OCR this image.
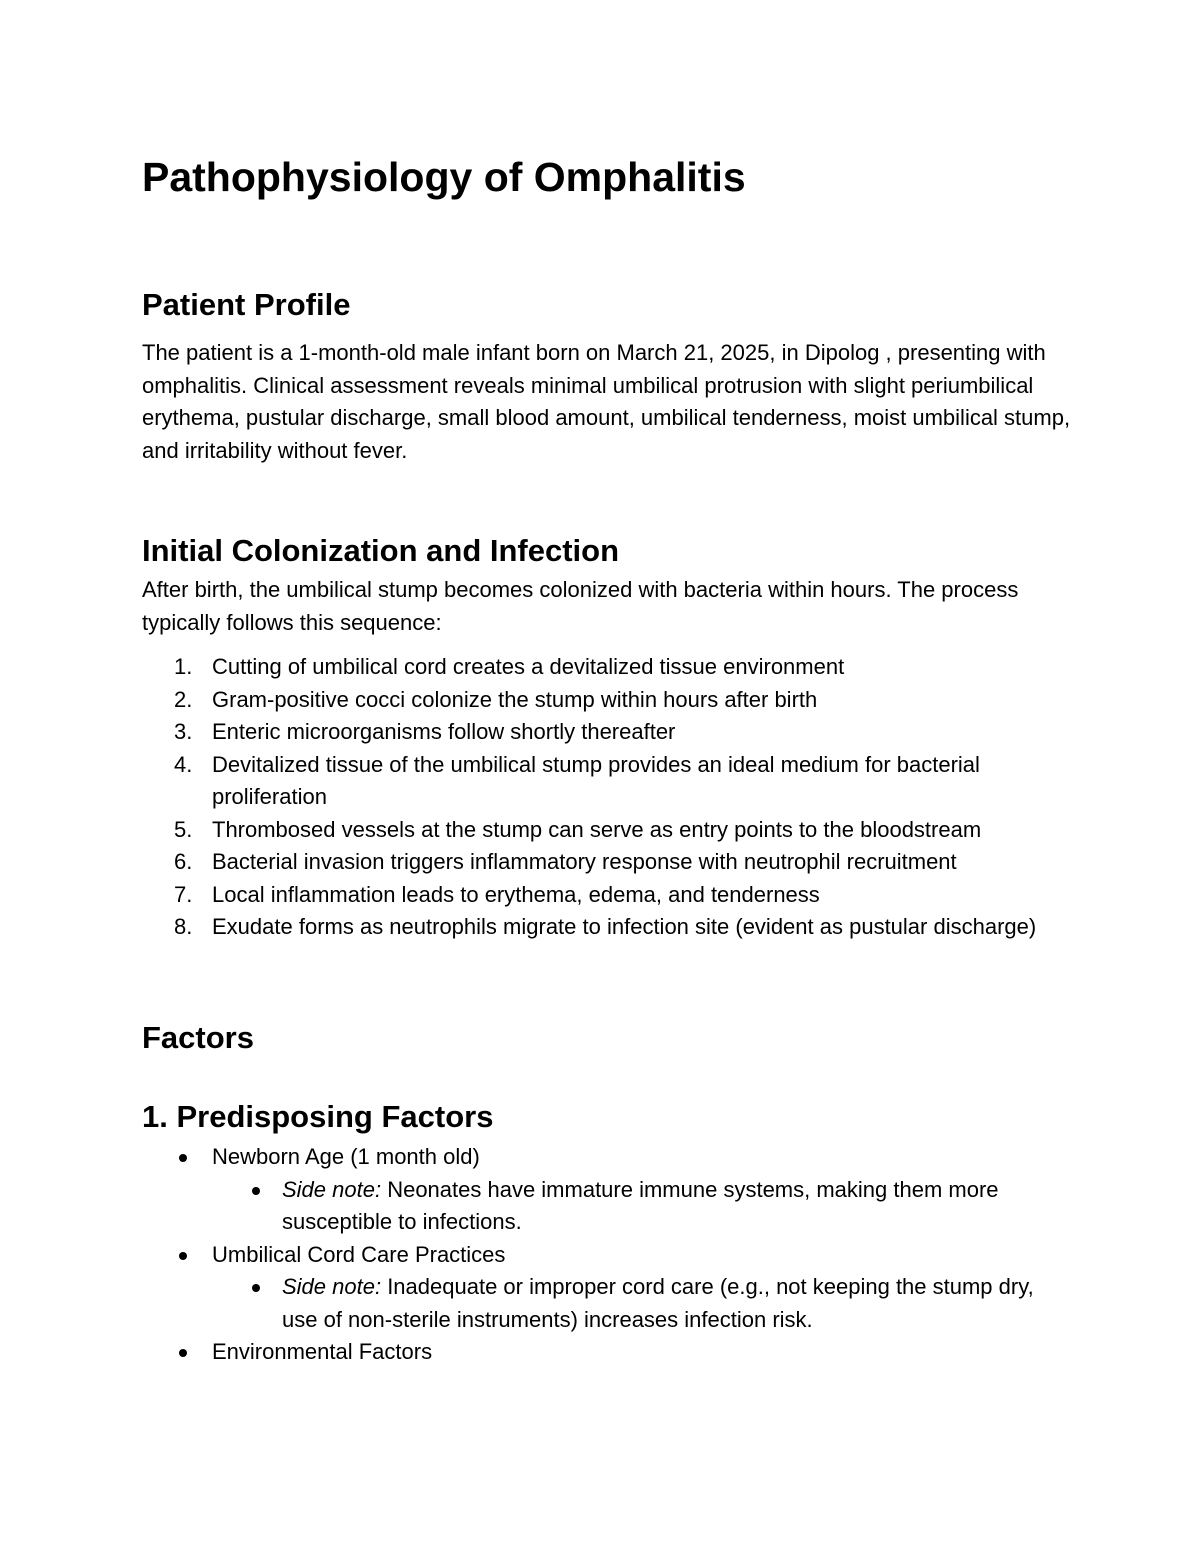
Pathophysiology of Omphalitis
Patient Profile

The patient is a 1-month-old male infant born on March 21, 2025, in Dipolog , presenting with omphalitis. Clinical assessment reveals minimal umbilical protrusion with slight periumbilical erythema, pustular discharge, small blood amount, umbilical tenderness, moist umbilical stump, and irritability without fever.

Initial Colonization and Infection

After birth, the umbilical stump becomes colonized with bacteria within hours. The process typically follows this sequence:

1. Cutting of umbilical cord creates a devitalized tissue environment
2. Gram-positive cocci colonize the stump within hours after birth
3. Enteric microorganisms follow shortly thereafter
4. Devitalized tissue of the umbilical stump provides an ideal medium for bacterial proliferation
5. Thrombosed vessels at the stump can serve as entry points to the bloodstream
6. Bacterial invasion triggers inflammatory response with neutrophil recruitment
7. Local inflammation leads to erythema, edema, and tenderness
8. Exudate forms as neutrophils migrate to infection site (evident as pustular discharge)
Factors
1. Predisposing Factors
Newborn Age (1 month old)
Side note: Neonates have immature immune systems, making them more susceptible to infections.
Umbilical Cord Care Practices
Side note: Inadequate or improper cord care (e.g., not keeping the stump dry, use of non-sterile instruments) increases infection risk.
Environmental Factors
